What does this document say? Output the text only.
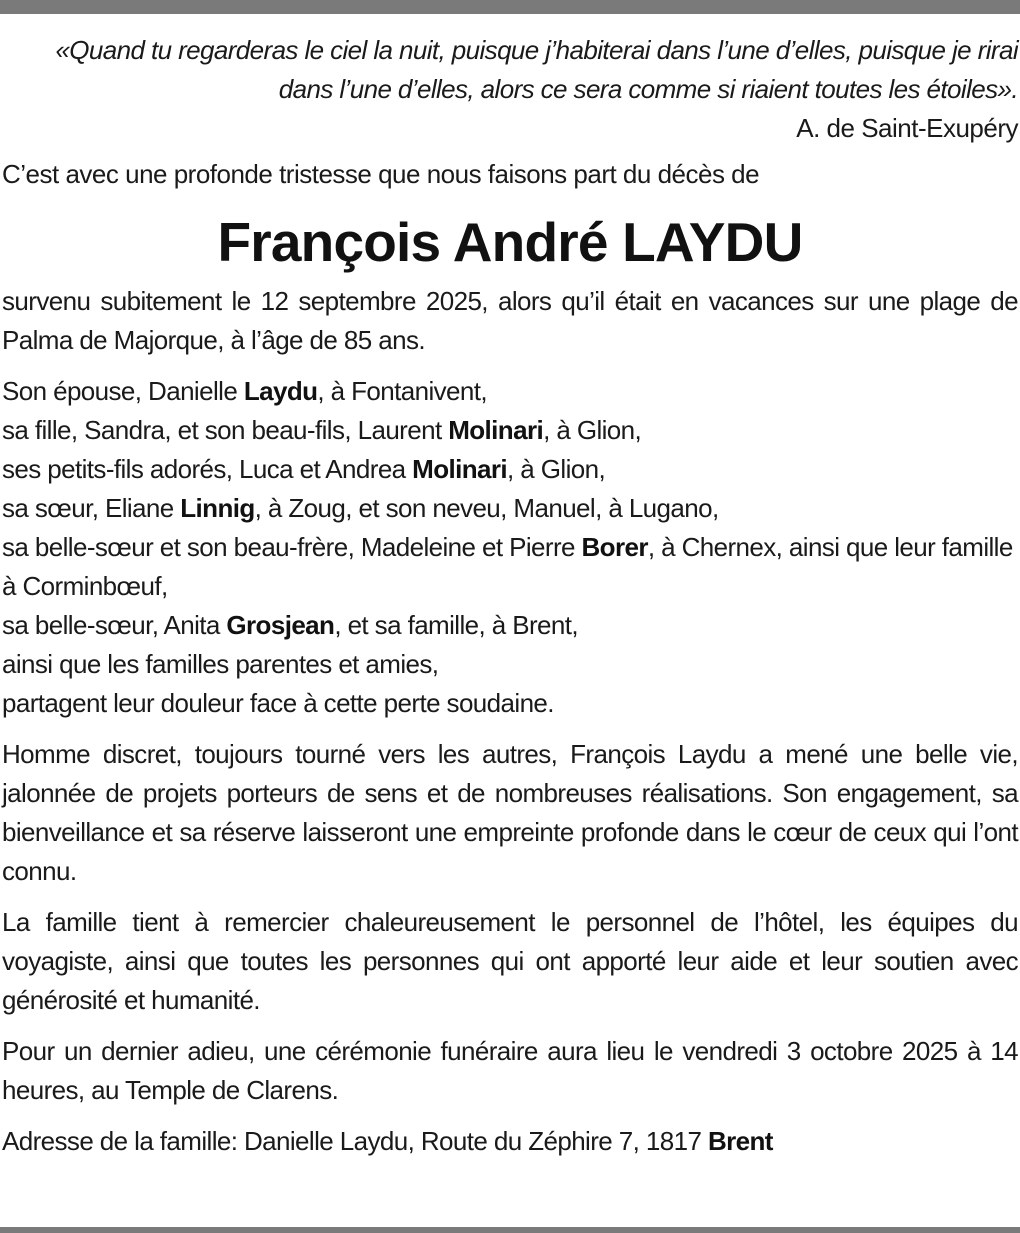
«Quand tu regarderas le ciel la nuit, puisque j’habiterai dans l’une d’elles, puisque je rirai dans l’une d’elles, alors ce sera comme si riaient toutes les étoiles».

A. de Saint-Exupéry

C’est avec une profonde tristesse que nous faisons part du décès de

François André LAYDU

survenu subitement le 12 septembre 2025, alors qu’il était en vacances sur une plage de Palma de Majorque, à l’âge de 85 ans.

Son épouse, Danielle Laydu, à Fontanivent,
sa fille, Sandra, et son beau-fils, Laurent Molinari, à Glion,
ses petits-fils adorés, Luca et Andrea Molinari, à Glion,
sa sœur, Eliane Linnig, à Zoug, et son neveu, Manuel, à Lugano,
sa belle-sœur et son beau-frère, Madeleine et Pierre Borer, à Chernex, ainsi que leur famille à Corminbœuf,
sa belle-sœur, Anita Grosjean, et sa famille, à Brent,
ainsi que les familles parentes et amies,
partagent leur douleur face à cette perte soudaine.

Homme discret, toujours tourné vers les autres, François Laydu a mené une belle vie, jalonnée de projets porteurs de sens et de nombreuses réalisations. Son engagement, sa bienveillance et sa réserve laisseront une empreinte profonde dans le cœur de ceux qui l’ont connu.

La famille tient à remercier chaleureusement le personnel de l’hôtel, les équipes du voyagiste, ainsi que toutes les personnes qui ont apporté leur aide et leur soutien avec générosité et humanité.

Pour un dernier adieu, une cérémonie funéraire aura lieu le vendredi 3 octobre 2025 à 14 heures, au Temple de Clarens.

Adresse de la famille: Danielle Laydu, Route du Zéphire 7, 1817 Brent
